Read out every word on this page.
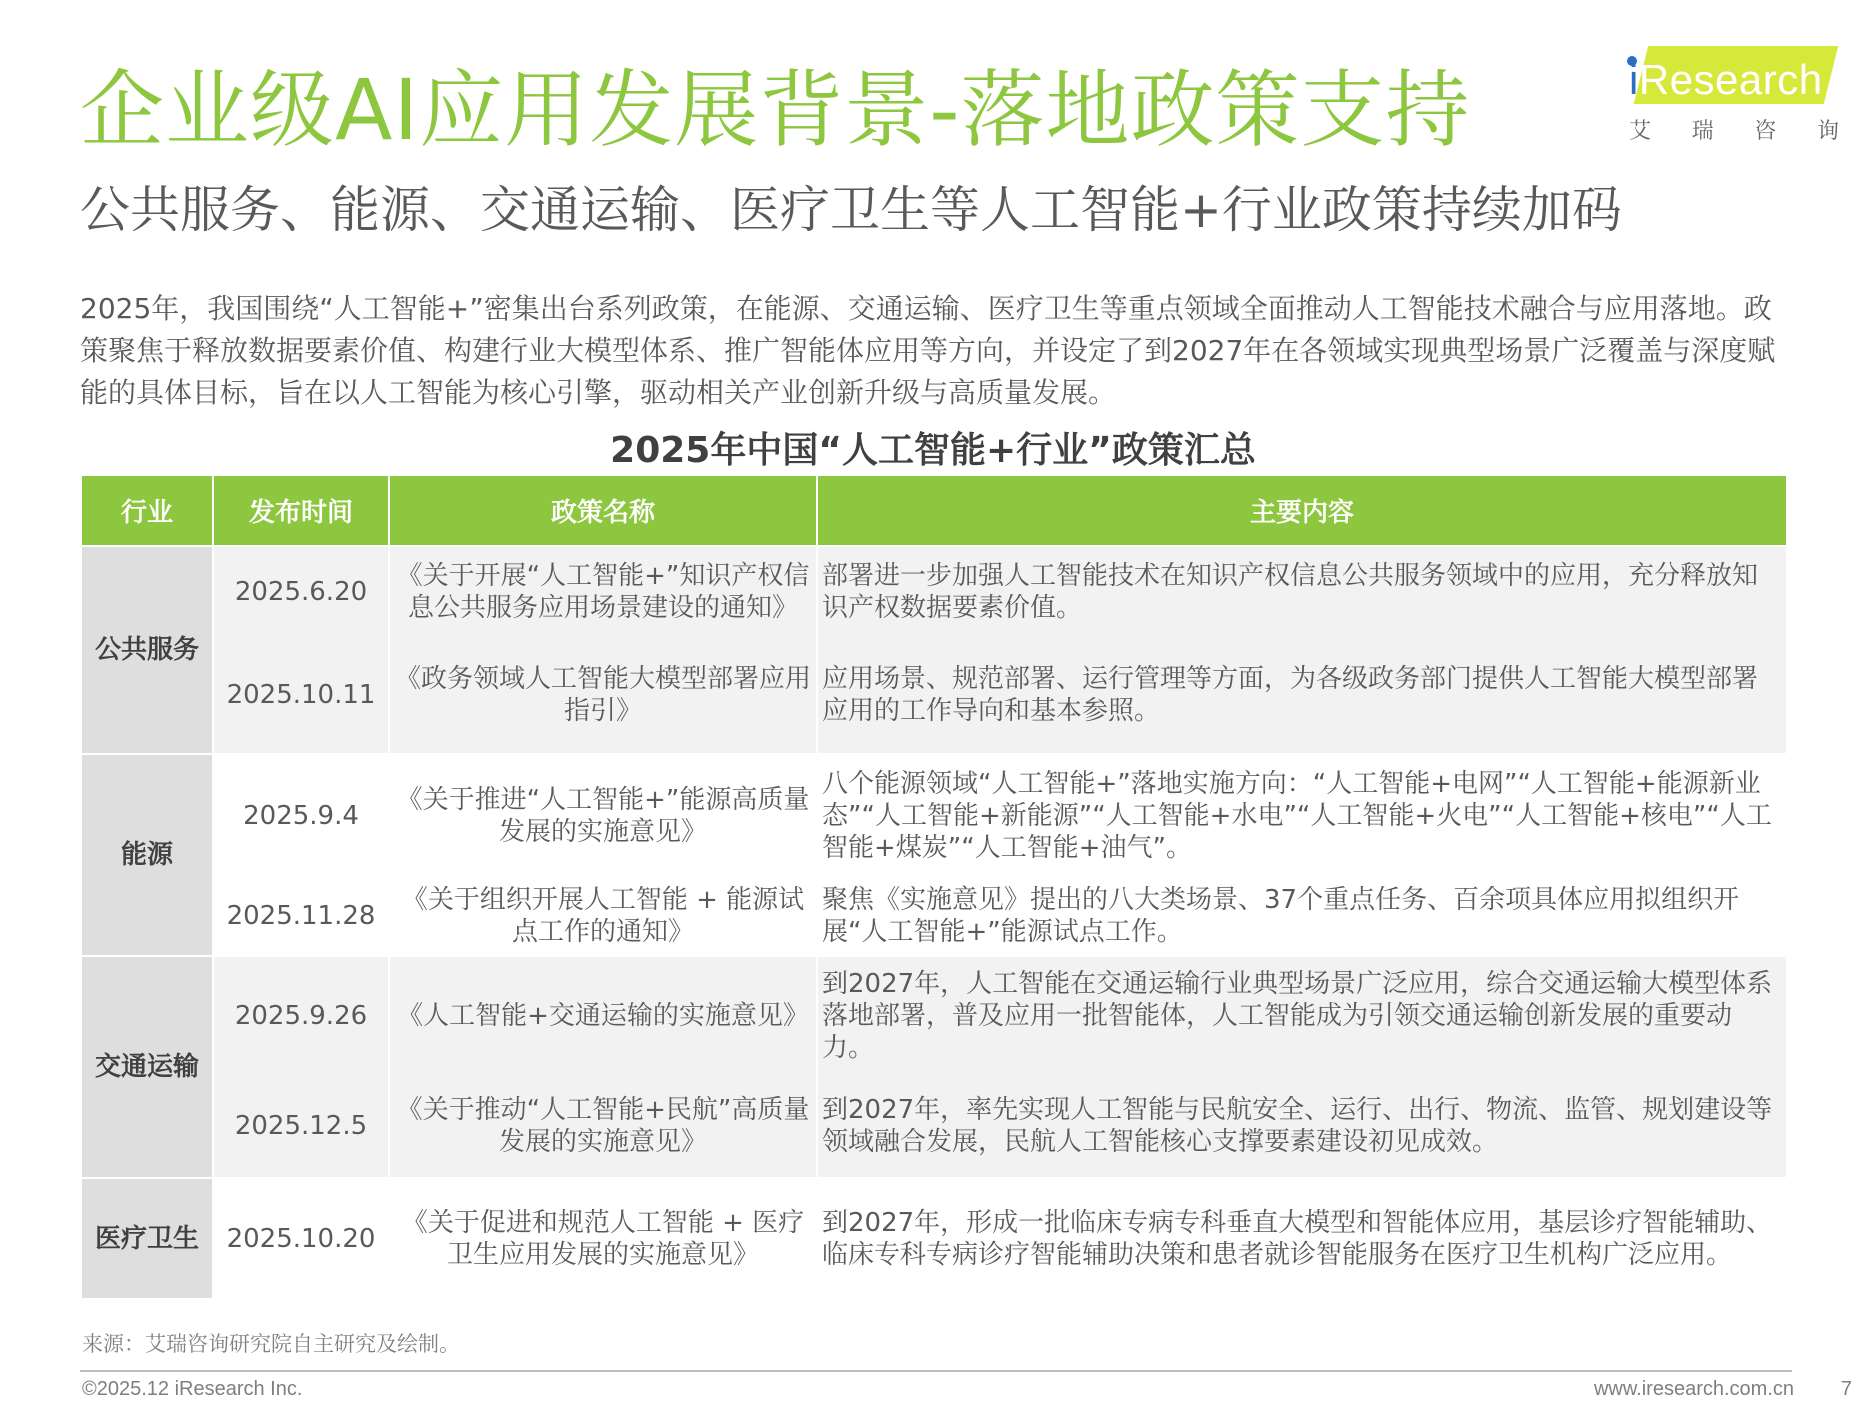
企业级AI应用发展背景-落地政策支持
公共服务、能源、交通运输、医疗卫生等人工智能+行业政策持续加码
iResearch
艾 瑞 咨 询

2025年，我国围绕“人工智能+”密集出台系列政策，在能源、交通运输、医疗卫生等重点领域全面推动人工智能技术融合与应用落地。政策聚焦于释放数据要素价值、构建行业大模型体系、推广智能体应用等方向，并设定了到2027年在各领域实现典型场景广泛覆盖与深度赋能的具体目标，旨在以人工智能为核心引擎，驱动相关产业创新升级与高质量发展。

2025年中国“人工智能+行业”政策汇总
行业	发布时间	政策名称	主要内容
公共服务	2025.6.20	《关于开展“人工智能+”知识产权信息公共服务应用场景建设的通知》	部署进一步加强人工智能技术在知识产权信息公共服务领域中的应用，充分释放知识产权数据要素价值。
	2025.10.11	《政务领域人工智能大模型部署应用指引》	应用场景、规范部署、运行管理等方面，为各级政务部门提供人工智能大模型部署应用的工作导向和基本参照。
能源	2025.9.4	《关于推进“人工智能+”能源高质量发展的实施意见》	八个能源领域“人工智能+”落地实施方向：“人工智能+电网”“人工智能+能源新业态”“人工智能+新能源”“人工智能+水电”“人工智能+火电”“人工智能+核电”“人工智能+煤炭”“人工智能+油气”。
	2025.11.28	《关于组织开展人工智能 + 能源试点工作的通知》	聚焦《实施意见》提出的八大类场景、37个重点任务、百余项具体应用拟组织开展“人工智能+”能源试点工作。
交通运输	2025.9.26	《人工智能+交通运输的实施意见》	到2027年，人工智能在交通运输行业典型场景广泛应用，综合交通运输大模型体系落地部署，普及应用一批智能体，人工智能成为引领交通运输创新发展的重要动力。
	2025.12.5	《关于推动“人工智能+民航”高质量发展的实施意见》	到2027年，率先实现人工智能与民航安全、运行、出行、物流、监管、规划建设等领域融合发展，民航人工智能核心支撑要素建设初见成效。
医疗卫生	2025.10.20	《关于促进和规范人工智能 + 医疗卫生应用发展的实施意见》	到2027年，形成一批临床专病专科垂直大模型和智能体应用，基层诊疗智能辅助、临床专科专病诊疗智能辅助决策和患者就诊智能服务在医疗卫生机构广泛应用。
来源：艾瑞咨询研究院自主研究及绘制。
©2025.12 iResearch Inc.	www.iresearch.com.cn 7
